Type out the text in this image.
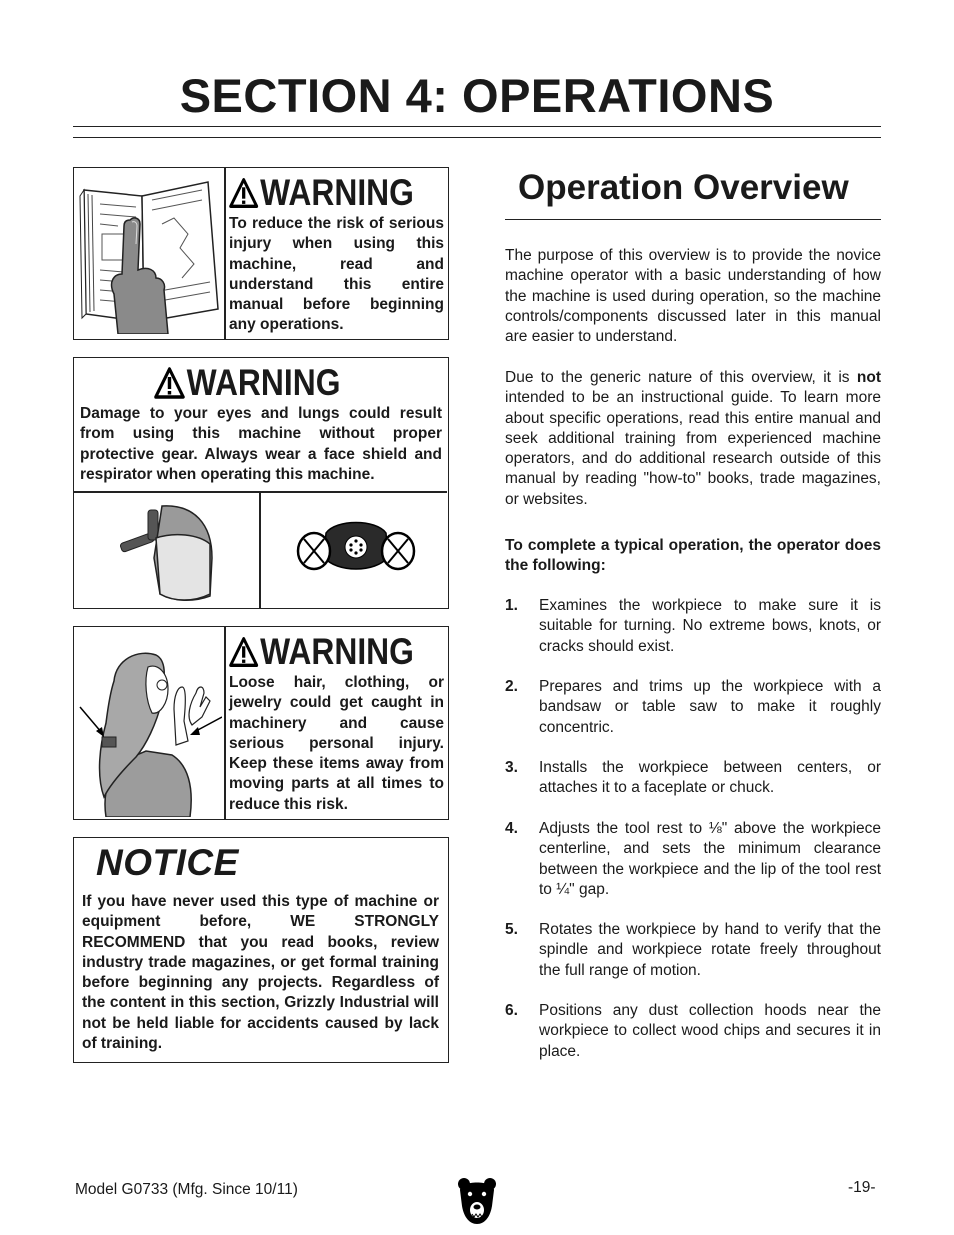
SECTION 4: OPERATIONS
WARNING
To reduce the risk of serious injury when using this machine, read and understand this entire manual before beginning any operations.
WARNING
Damage to your eyes and lungs could result from using this machine without proper protective gear. Always wear a face shield and respirator when operating this machine.
WARNING
Loose hair, clothing, or jewelry could get caught in machinery and cause serious personal injury. Keep these items away from moving parts at all times to reduce this risk.
NOTICE
If you have never used this type of machine or equipment before, WE STRONGLY RECOMMEND that you read books, review industry trade magazines, or get formal training before beginning any projects. Regardless of the content in this section, Grizzly Industrial will not be held liable for accidents caused by lack of training.
Operation Overview

The purpose of this overview is to provide the novice machine operator with a basic understanding of how the machine is used during operation, so the machine controls/components discussed later in this manual are easier to understand.

Due to the generic nature of this overview, it is not intended to be an instructional guide. To learn more about specific operations, read this entire manual and seek additional training from experienced machine operators, and do additional research outside of this manual by reading "how-to" books, trade magazines, or websites.

To complete a typical operation, the operator does the following:

1. Examines the workpiece to make sure it is suitable for turning. No extreme bows, knots, or cracks should exist.
2. Prepares and trims up the workpiece with a bandsaw or table saw to make it roughly concentric.
3. Installs the workpiece between centers, or attaches it to a faceplate or chuck.
4. Adjusts the tool rest to ⅛" above the workpiece centerline, and sets the minimum clearance between the workpiece and the lip of the tool rest to ¼" gap.
5. Rotates the workpiece by hand to verify that the spindle and workpiece rotate freely throughout the full range of motion.
6. Positions any dust collection hoods near the workpiece to collect wood chips and secures it in place.
Model G0733 (Mfg. Since 10/11)	-19-
